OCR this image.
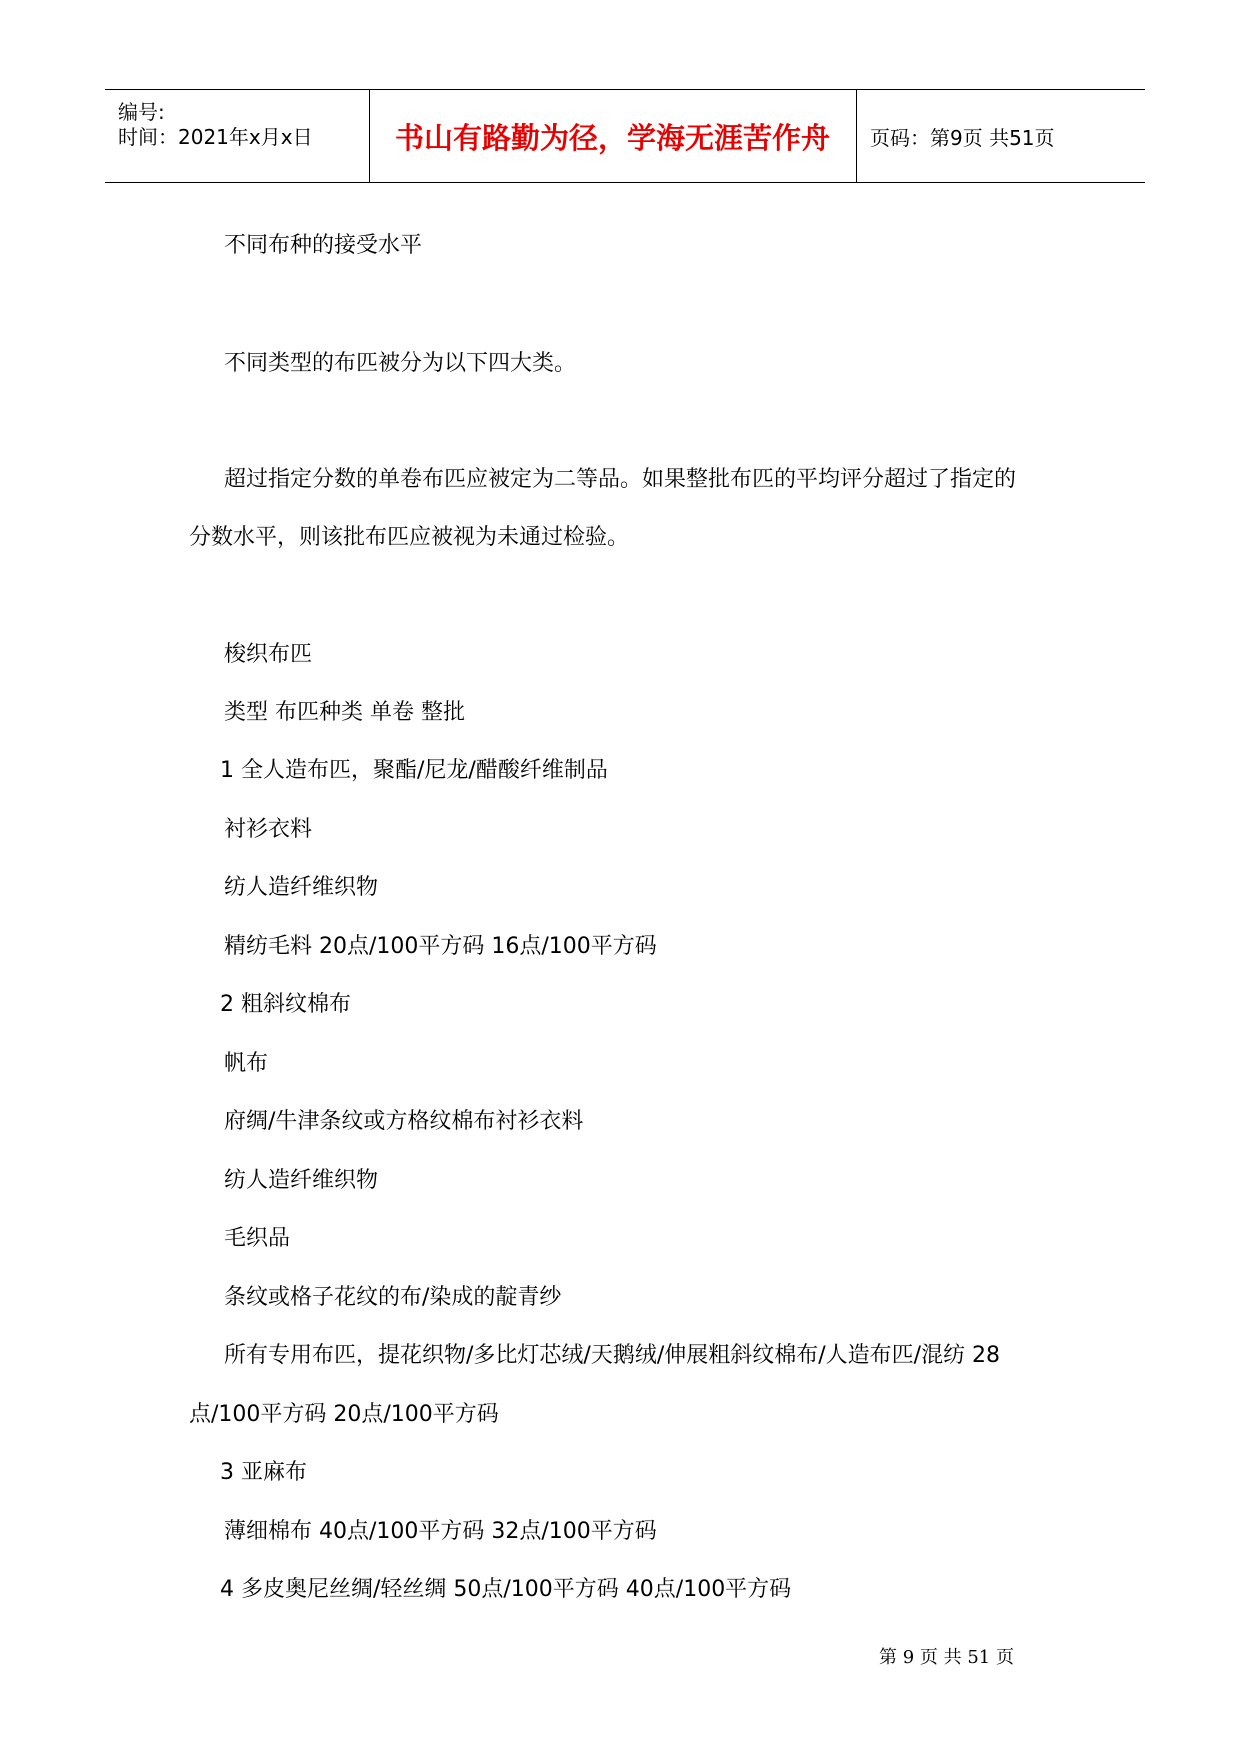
编号:
时间：2021年x月x日	书山有路勤为径，学海无涯苦作舟	页码：第9页 共51页

不同布种的接受水平

不同类型的布匹被分为以下四大类。

超过指定分数的单卷布匹应被定为二等品。如果整批布匹的平均评分超过了指定的

分数水平，则该批布匹应被视为未通过检验。

梭织布匹

类型 布匹种类 单卷 整批

1 全人造布匹，聚酯/尼龙/醋酸纤维制品

衬衫衣料

纺人造纤维织物

精纺毛料 20点/100平方码 16点/100平方码

2 粗斜纹棉布

帆布

府绸/牛津条纹或方格纹棉布衬衫衣料

纺人造纤维织物

毛织品

条纹或格子花纹的布/染成的靛青纱

所有专用布匹，提花织物/多比灯芯绒/天鹅绒/伸展粗斜纹棉布/人造布匹/混纺 28

点/100平方码 20点/100平方码

3 亚麻布

薄细棉布 40点/100平方码 32点/100平方码

4 多皮奥尼丝绸/轻丝绸 50点/100平方码 40点/100平方码

第 9 页 共 51 页
